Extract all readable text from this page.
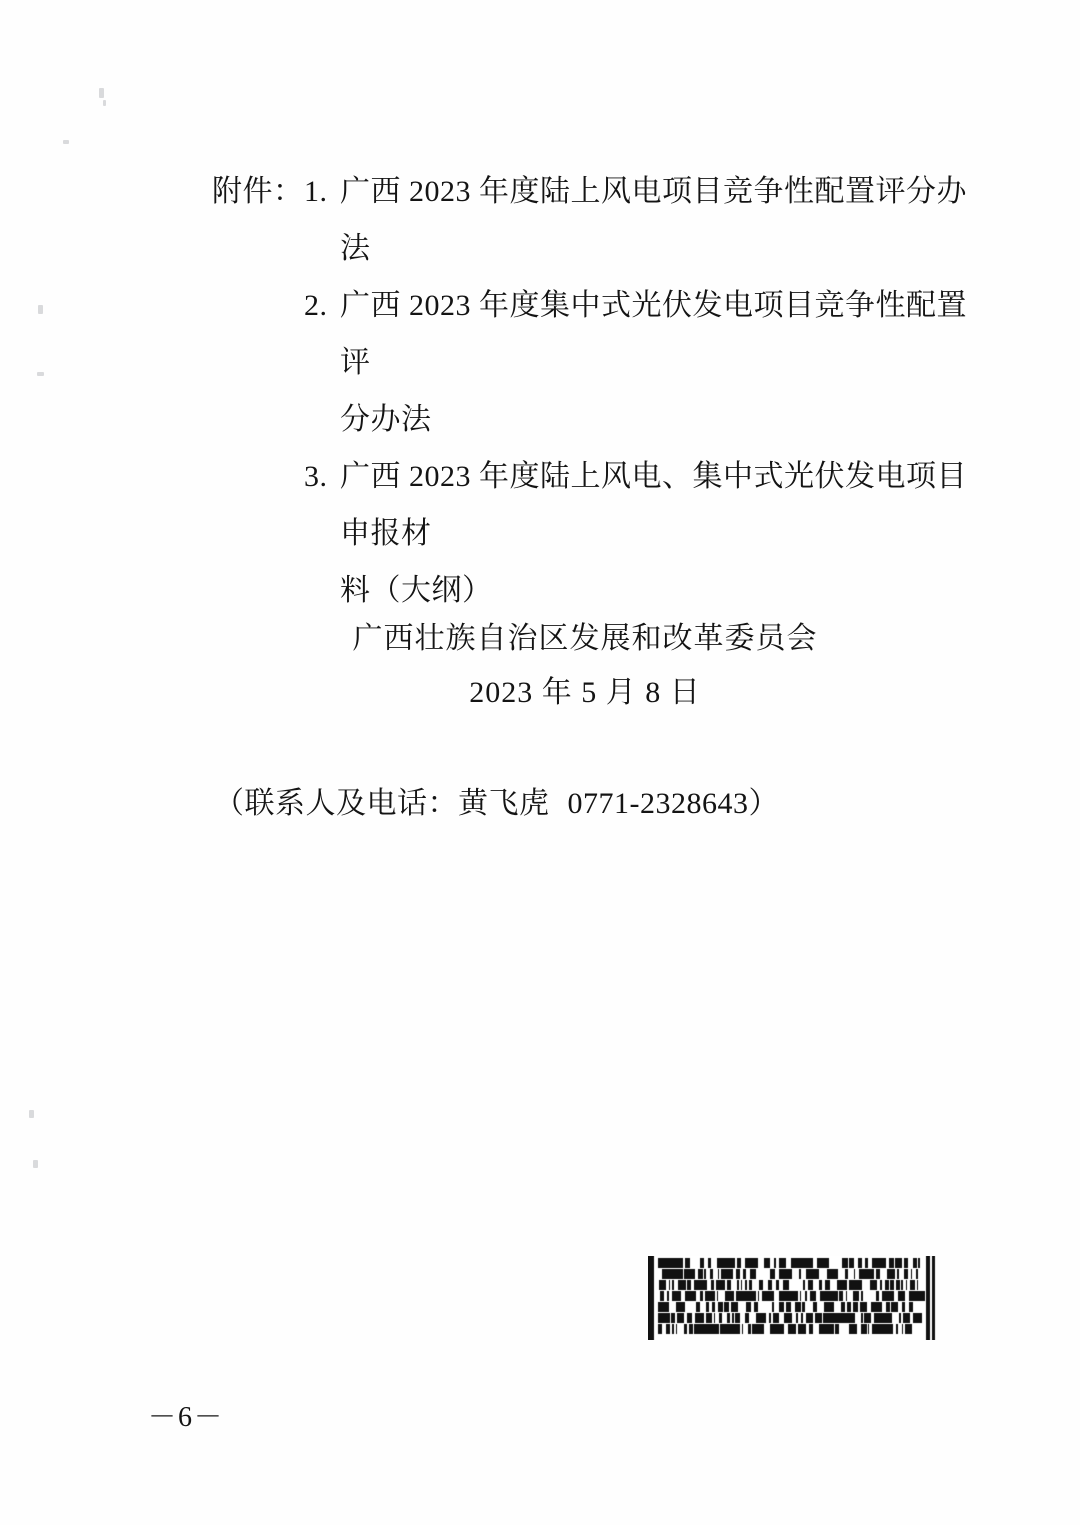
附件： 1. 广西 2023 年度陆上风电项目竞争性配置评分办法
2. 广西 2023 年度集中式光伏发电项目竞争性配置评
分办法
3. 广西 2023 年度陆上风电、集中式光伏发电项目申报材
料（大纲）
广西壮族自治区发展和改革委员会
2023 年 5 月 8 日
（联系人及电话：黄飞虎 0771-2328643）
－6－
